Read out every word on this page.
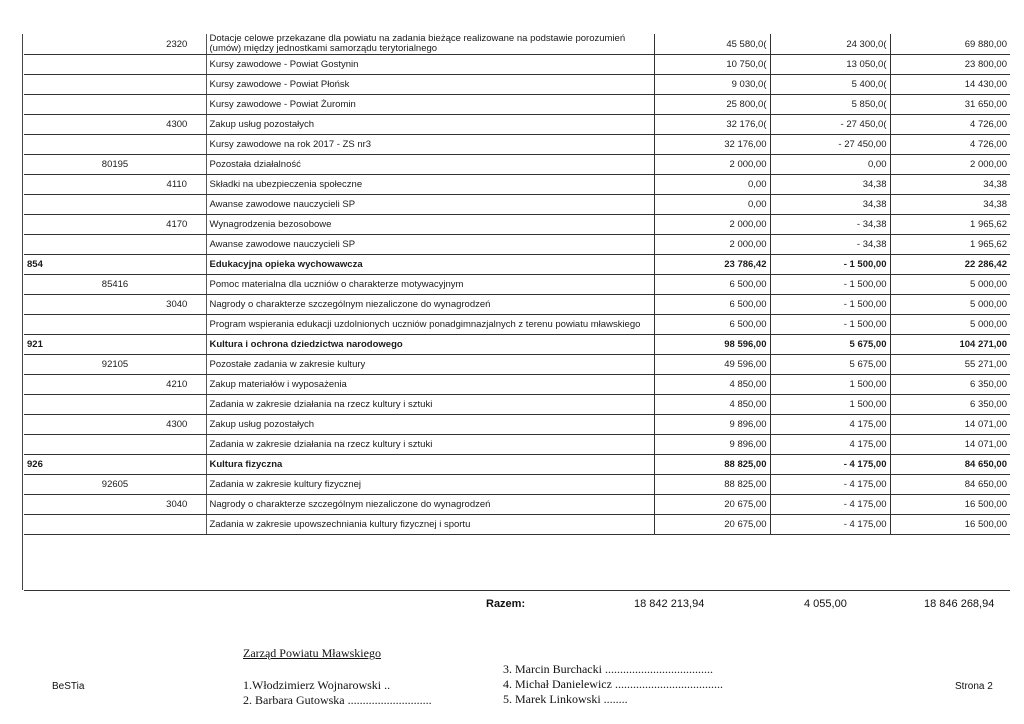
		2320	Dotacje celowe przekazane dla powiatu na zadania bieżące realizowane na podstawie porozumień (umów) między jednostkami samorządu terytorialnego	45 580,0(	24 300,0(	69 880,00
			Kursy zawodowe - Powiat Gostynin	10 750,0(	13 050,0(	23 800,00
			Kursy zawodowe - Powiat Płońsk	9 030,0(	5 400,0(	14 430,00
			Kursy zawodowe - Powiat Żuromin	25 800,0(	5 850,0(	31 650,00
		4300	Zakup usług pozostałych	32 176,0(	- 27 450,0(	4 726,00
			Kursy zawodowe na rok 2017 - ZS nr3	32 176,00	- 27 450,00	4 726,00
	80195		Pozostała działalność	2 000,00	0,00	2 000,00
		4110	Składki na ubezpieczenia społeczne	0,00	34,38	34,38
			Awanse zawodowe nauczycieli SP	0,00	34,38	34,38
		4170	Wynagrodzenia bezosobowe	2 000,00	- 34,38	1 965,62
			Awanse zawodowe nauczycieli SP	2 000,00	- 34,38	1 965,62
854			Edukacyjna opieka wychowawcza	23 786,42	- 1 500,00	22 286,42
	85416		Pomoc materialna dla uczniów o charakterze motywacyjnym	6 500,00	- 1 500,00	5 000,00
		3040	Nagrody o charakterze szczególnym niezaliczone do wynagrodzeń	6 500,00	- 1 500,00	5 000,00
			Program wspierania edukacji uzdolnionych uczniów ponadgimnazjalnych z terenu powiatu mławskiego	6 500,00	- 1 500,00	5 000,00
921			Kultura i ochrona dziedzictwa narodowego	98 596,00	5 675,00	104 271,00
	92105		Pozostałe zadania w zakresie kultury	49 596,00	5 675,00	55 271,00
		4210	Zakup materiałów i wyposażenia	4 850,00	1 500,00	6 350,00
			Zadania w zakresie działania na rzecz kultury i sztuki	4 850,00	1 500,00	6 350,00
		4300	Zakup usług pozostałych	9 896,00	4 175,00	14 071,00
			Zadania w zakresie działania na rzecz kultury i sztuki	9 896,00	4 175,00	14 071,00
926			Kultura fizyczna	88 825,00	- 4 175,00	84 650,00
	92605		Zadania w zakresie kultury fizycznej	88 825,00	- 4 175,00	84 650,00
		3040	Nagrody o charakterze szczególnym niezaliczone do wynagrodzeń	20 675,00	- 4 175,00	16 500,00
			Zadania w zakresie upowszechniania kultury fizycznej i sportu	20 675,00	- 4 175,00	16 500,00
Razem:	18 842 213,94	4 055,00	18 846 268,94
Zarząd Powiatu Mławskiego
BeSTia	1.Włodzimierz Wojnarowski ..
2. Barbara Gutowska ............................
3. Marcin Burchacki ....................................
4. Michał Danielewicz ....................................
5. Marek Linkowski ........
Strona 2
